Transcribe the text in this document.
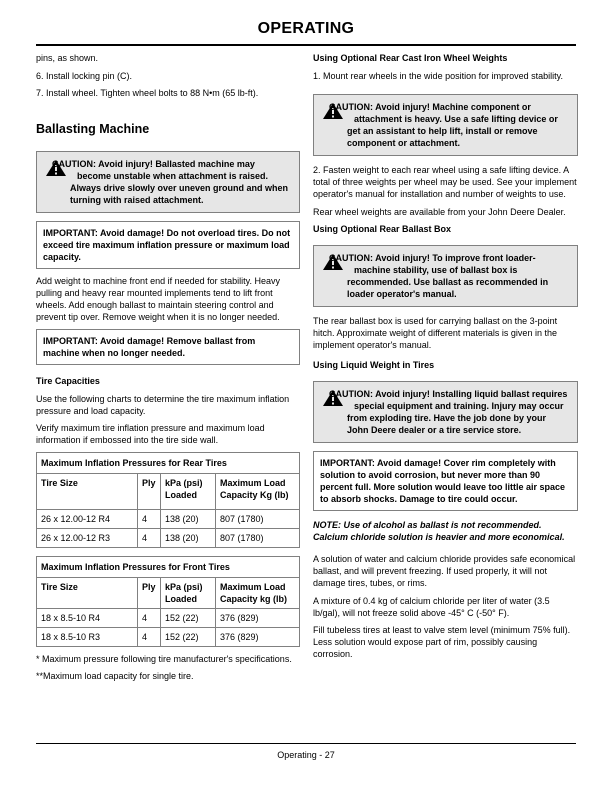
OPERATING

pins, as shown.

6. Install locking pin (C).

7. Install wheel. Tighten wheel bolts to 88 N•m (65 lb-ft).

Ballasting Machine
CAUTION: Avoid injury! Ballasted machine may become unstable when attachment is raised. Always drive slowly over uneven ground and when turning with raised attachment.
IMPORTANT: Avoid damage! Do not overload tires. Do not exceed tire maximum inflation pressure or maximum load capacity.

Add weight to machine front end if needed for stability. Heavy pulling and heavy rear mounted implements tend to lift front wheels. Add enough ballast to maintain steering control and prevent tip over. Remove weight when it is no longer needed.

IMPORTANT: Avoid damage! Remove ballast from machine when no longer needed.

Tire Capacities

Use the following charts to determine the tire maximum inflation pressure and load capacity.

Verify maximum tire inflation pressure and maximum load information if embossed into the tire side wall.

Maximum Inflation Pressures for Rear Tires			
Tire Size	Ply	kPa (psi) Loaded	Maximum Load Capacity Kg (lb)
26 x 12.00-12 R4	4	138 (20)	807 (1780)
26 x 12.00-12 R3	4	138 (20)	807 (1780)
Maximum Inflation Pressures for Front Tires			
Tire Size	Ply	kPa (psi) Loaded	Maximum Load Capacity kg (lb)
18 x 8.5-10 R4	4	152 (22)	376 (829)
18 x 8.5-10 R3	4	152 (22)	376 (829)

* Maximum pressure following tire manufacturer's specifications.

**Maximum load capacity for single tire.

Using Optional Rear Cast Iron Wheel Weights

1. Mount rear wheels in the wide position for improved stability.

CAUTION: Avoid injury! Machine component or attachment is heavy. Use a safe lifting device or get an assistant to help lift, install or remove component or attachment.

2. Fasten weight to each rear wheel using a safe lifting device. A total of three weights per wheel may be used. See your implement operator's manual for installation and number of weights to use.

Rear wheel weights are available from your John Deere Dealer.

Using Optional Rear Ballast Box

CAUTION: Avoid injury! To improve front loader-machine stability, use of ballast box is recommended. Use ballast as recommended in loader operator's manual.

The rear ballast box is used for carrying ballast on the 3-point hitch. Approximate weight of different materials is given in the implement operator's manual.

Using Liquid Weight in Tires

CAUTION: Avoid injury! Installing liquid ballast requires special equipment and training. Injury may occur from exploding tire. Have the job done by your John Deere dealer or a tire service store.
IMPORTANT: Avoid damage! Cover rim completely with solution to avoid corrosion, but never more than 90 percent full. More solution would leave too little air space to absorb shocks. Damage to tire could occur.

NOTE: Use of alcohol as ballast is not recommended. Calcium chloride solution is heavier and more economical.

A solution of water and calcium chloride provides safe economical ballast, and will prevent freezing. If used properly, it will not damage tires, tubes, or rims.

A mixture of 0.4 kg of calcium chloride per liter of water (3.5 lb/gal), will not freeze solid above -45° C (-50° F).

Fill tubeless tires at least to valve stem level (minimum 75% full). Less solution would expose part of rim, possibly causing corrosion.

Operating - 27
